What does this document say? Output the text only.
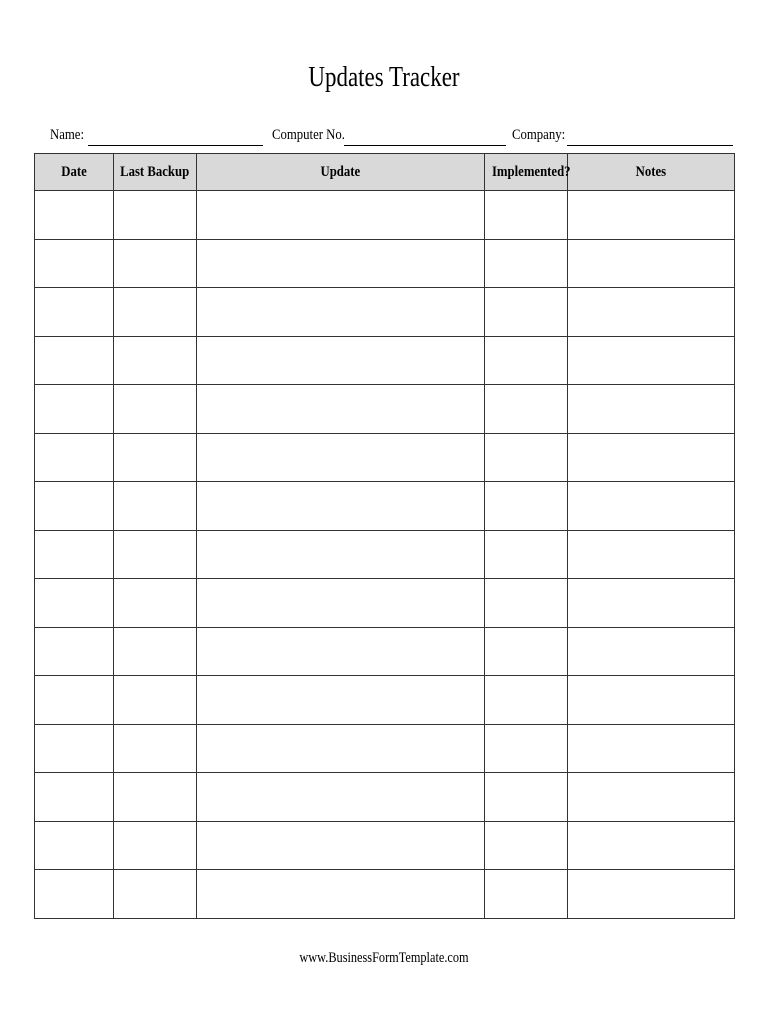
Updates Tracker
Name:	Computer No.	Company:
Date	Last Backup	Update	Implemented?	Notes

www.BusinessFormTemplate.com
